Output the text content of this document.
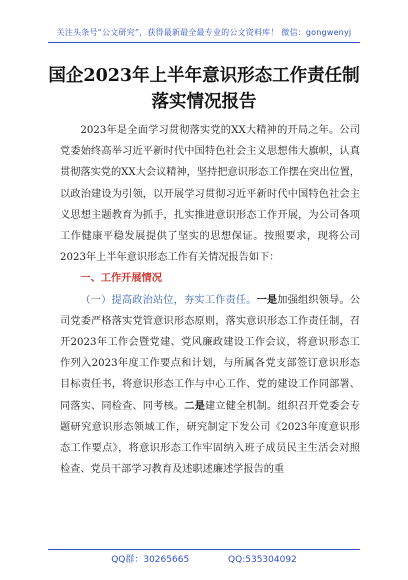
关注头条号“公文研究”，获得最新最全最专业的公文资料库！ 微信：gongwenyj
国企2023年上半年意识形态工作责任制
落实情况报告

2023年是全面学习贯彻落实党的XX大精神的开局之年。公司党委始终高举习近平新时代中国特色社会主义思想伟大旗帜，认真贯彻落实党的XX大会议精神，坚持把意识形态工作摆在突出位置，以政治建设为引领，以开展学习贯彻习近平新时代中国特色社会主义思想主题教育为抓手，扎实推进意识形态工作开展，为公司各项工作健康平稳发展提供了坚实的思想保证。按照要求，现将公司2023年上半年意识形态工作有关情况报告如下：

一、工作开展情况

（一）提高政治站位，夯实工作责任。一是加强组织领导。公司党委严格落实党管意识形态原则，落实意识形态工作责任制，召开2023年工作会暨党建、党风廉政建设工作会议，将意识形态工作列入2023年度工作要点和计划，与所属各党支部签订意识形态目标责任书，将意识形态工作与中心工作、党的建设工作同部署、同落实、同检查、同考核。二是建立健全机制。组织召开党委会专题研究意识形态领域工作，研究制定下发公司《2023年度意识形态工作要点》，将意识形态工作牢固纳入班子成员民主生活会对照检查、党员干部学习教育及述职述廉述学报告的重

QQ群：30265665	QQ:535304092
